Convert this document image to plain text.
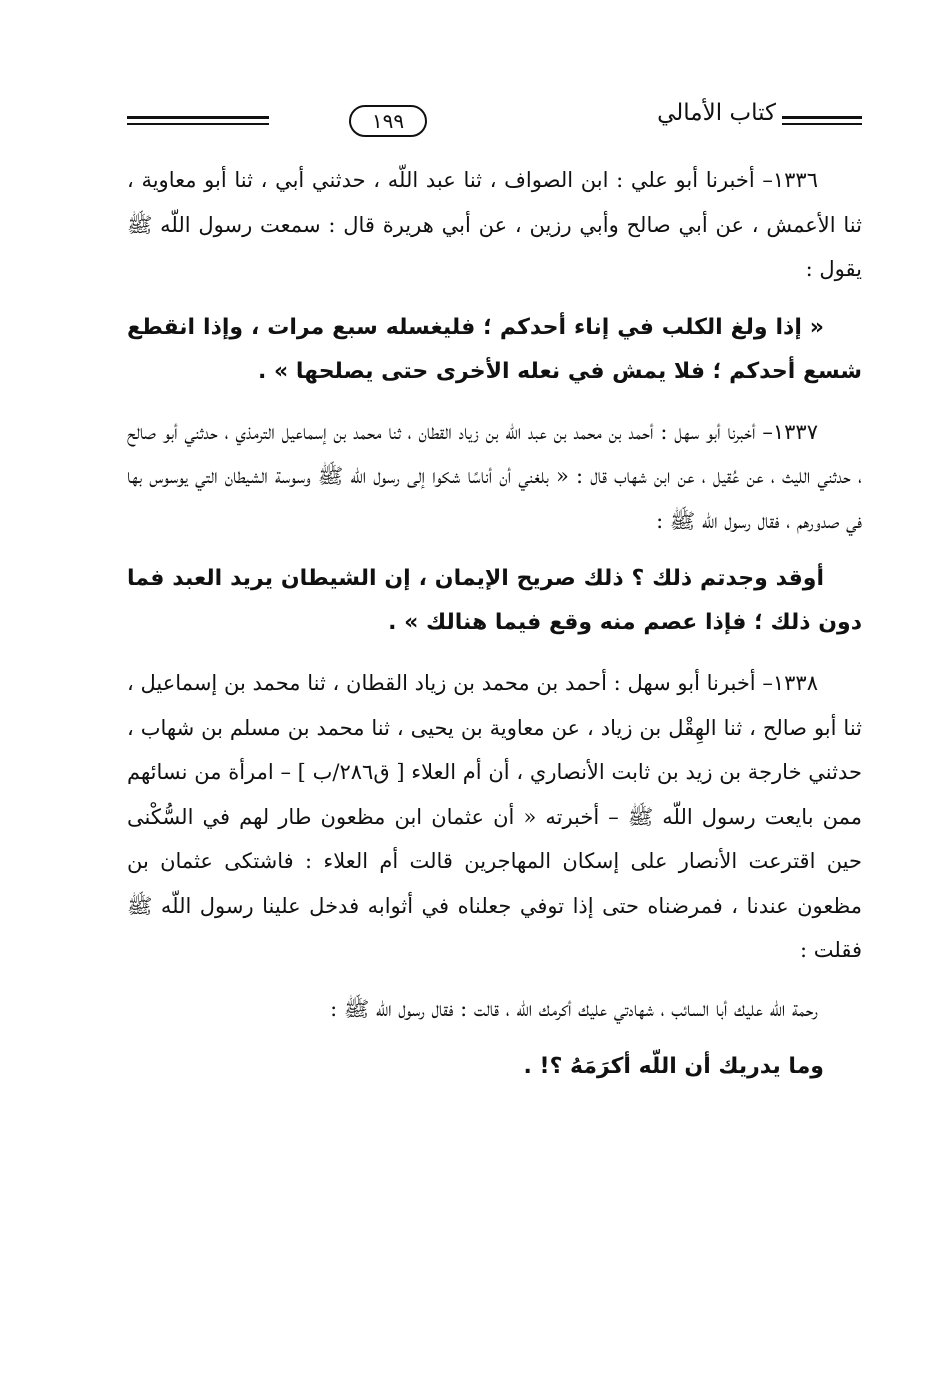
كتاب الأمالي
١٩٩

١٣٣٦– أخبرنا أبو علي : ابن الصواف ، ثنا عبد اللّه ، حدثني أبي ، ثنا أبو معاوية ، ثنا الأعمش ، عن أبي صالح وأبي رزين ، عن أبي هريرة قال : سمعت رسول اللّه ﷺ يقول :

« إذا ولغ الكلب في إناء أحدكم ؛ فليغسله سبع مرات ، وإذا انقطع شسع أحدكم ؛ فلا يمش في نعله الأخرى حتى يصلحها » .

١٣٣٧– أخبرنا أبو سهل : أحمد بن محمد بن عبد اللّه بن زياد القطان ، ثنا محمد بن إسماعيل الترمذي ، حدثني أبو صالح ، حدثني الليث ، عن عُقيل ، عن ابن شهاب قال : « بلغني أن أناسًا شكوا إلى رسول اللّه ﷺ وسوسة الشيطان التي يوسوس بها في صدورهم ، فقال رسول اللّه ﷺ :

أوقد وجدتم ذلك ؟ ذلك صريح الإيمان ، إن الشيطان يريد العبد فما دون ذلك ؛ فإذا عصم منه وقع فيما هنالك » .

١٣٣٨– أخبرنا أبو سهل : أحمد بن محمد بن زياد القطان ، ثنا محمد بن إسماعيل ، ثنا أبو صالح ، ثنا الهِقْل بن زياد ، عن معاوية بن يحيى ، ثنا محمد بن مسلم بن شهاب ، حدثني خارجة بن زيد بن ثابت الأنصاري ، أن أم العلاء [ ق٢٨٦/ب ] – امرأة من نسائهم ممن بايعت رسول اللّه ﷺ – أخبرته « أن عثمان ابن مظعون طار لهم في السُّكْنى حين اقترعت الأنصار على إسكان المهاجرين قالت أم العلاء : فاشتكى عثمان بن مظعون عندنا ، فمرضناه حتى إذا توفي جعلناه في أثوابه فدخل علينا رسول اللّه ﷺ فقلت :

رحمة اللّه عليك أبا السائب ، شهادتي عليك أكرمك اللّه ، قالت : فقال رسول اللّه ﷺ :

وما يدريك أن اللّه أكرَمَهُ ؟! .
